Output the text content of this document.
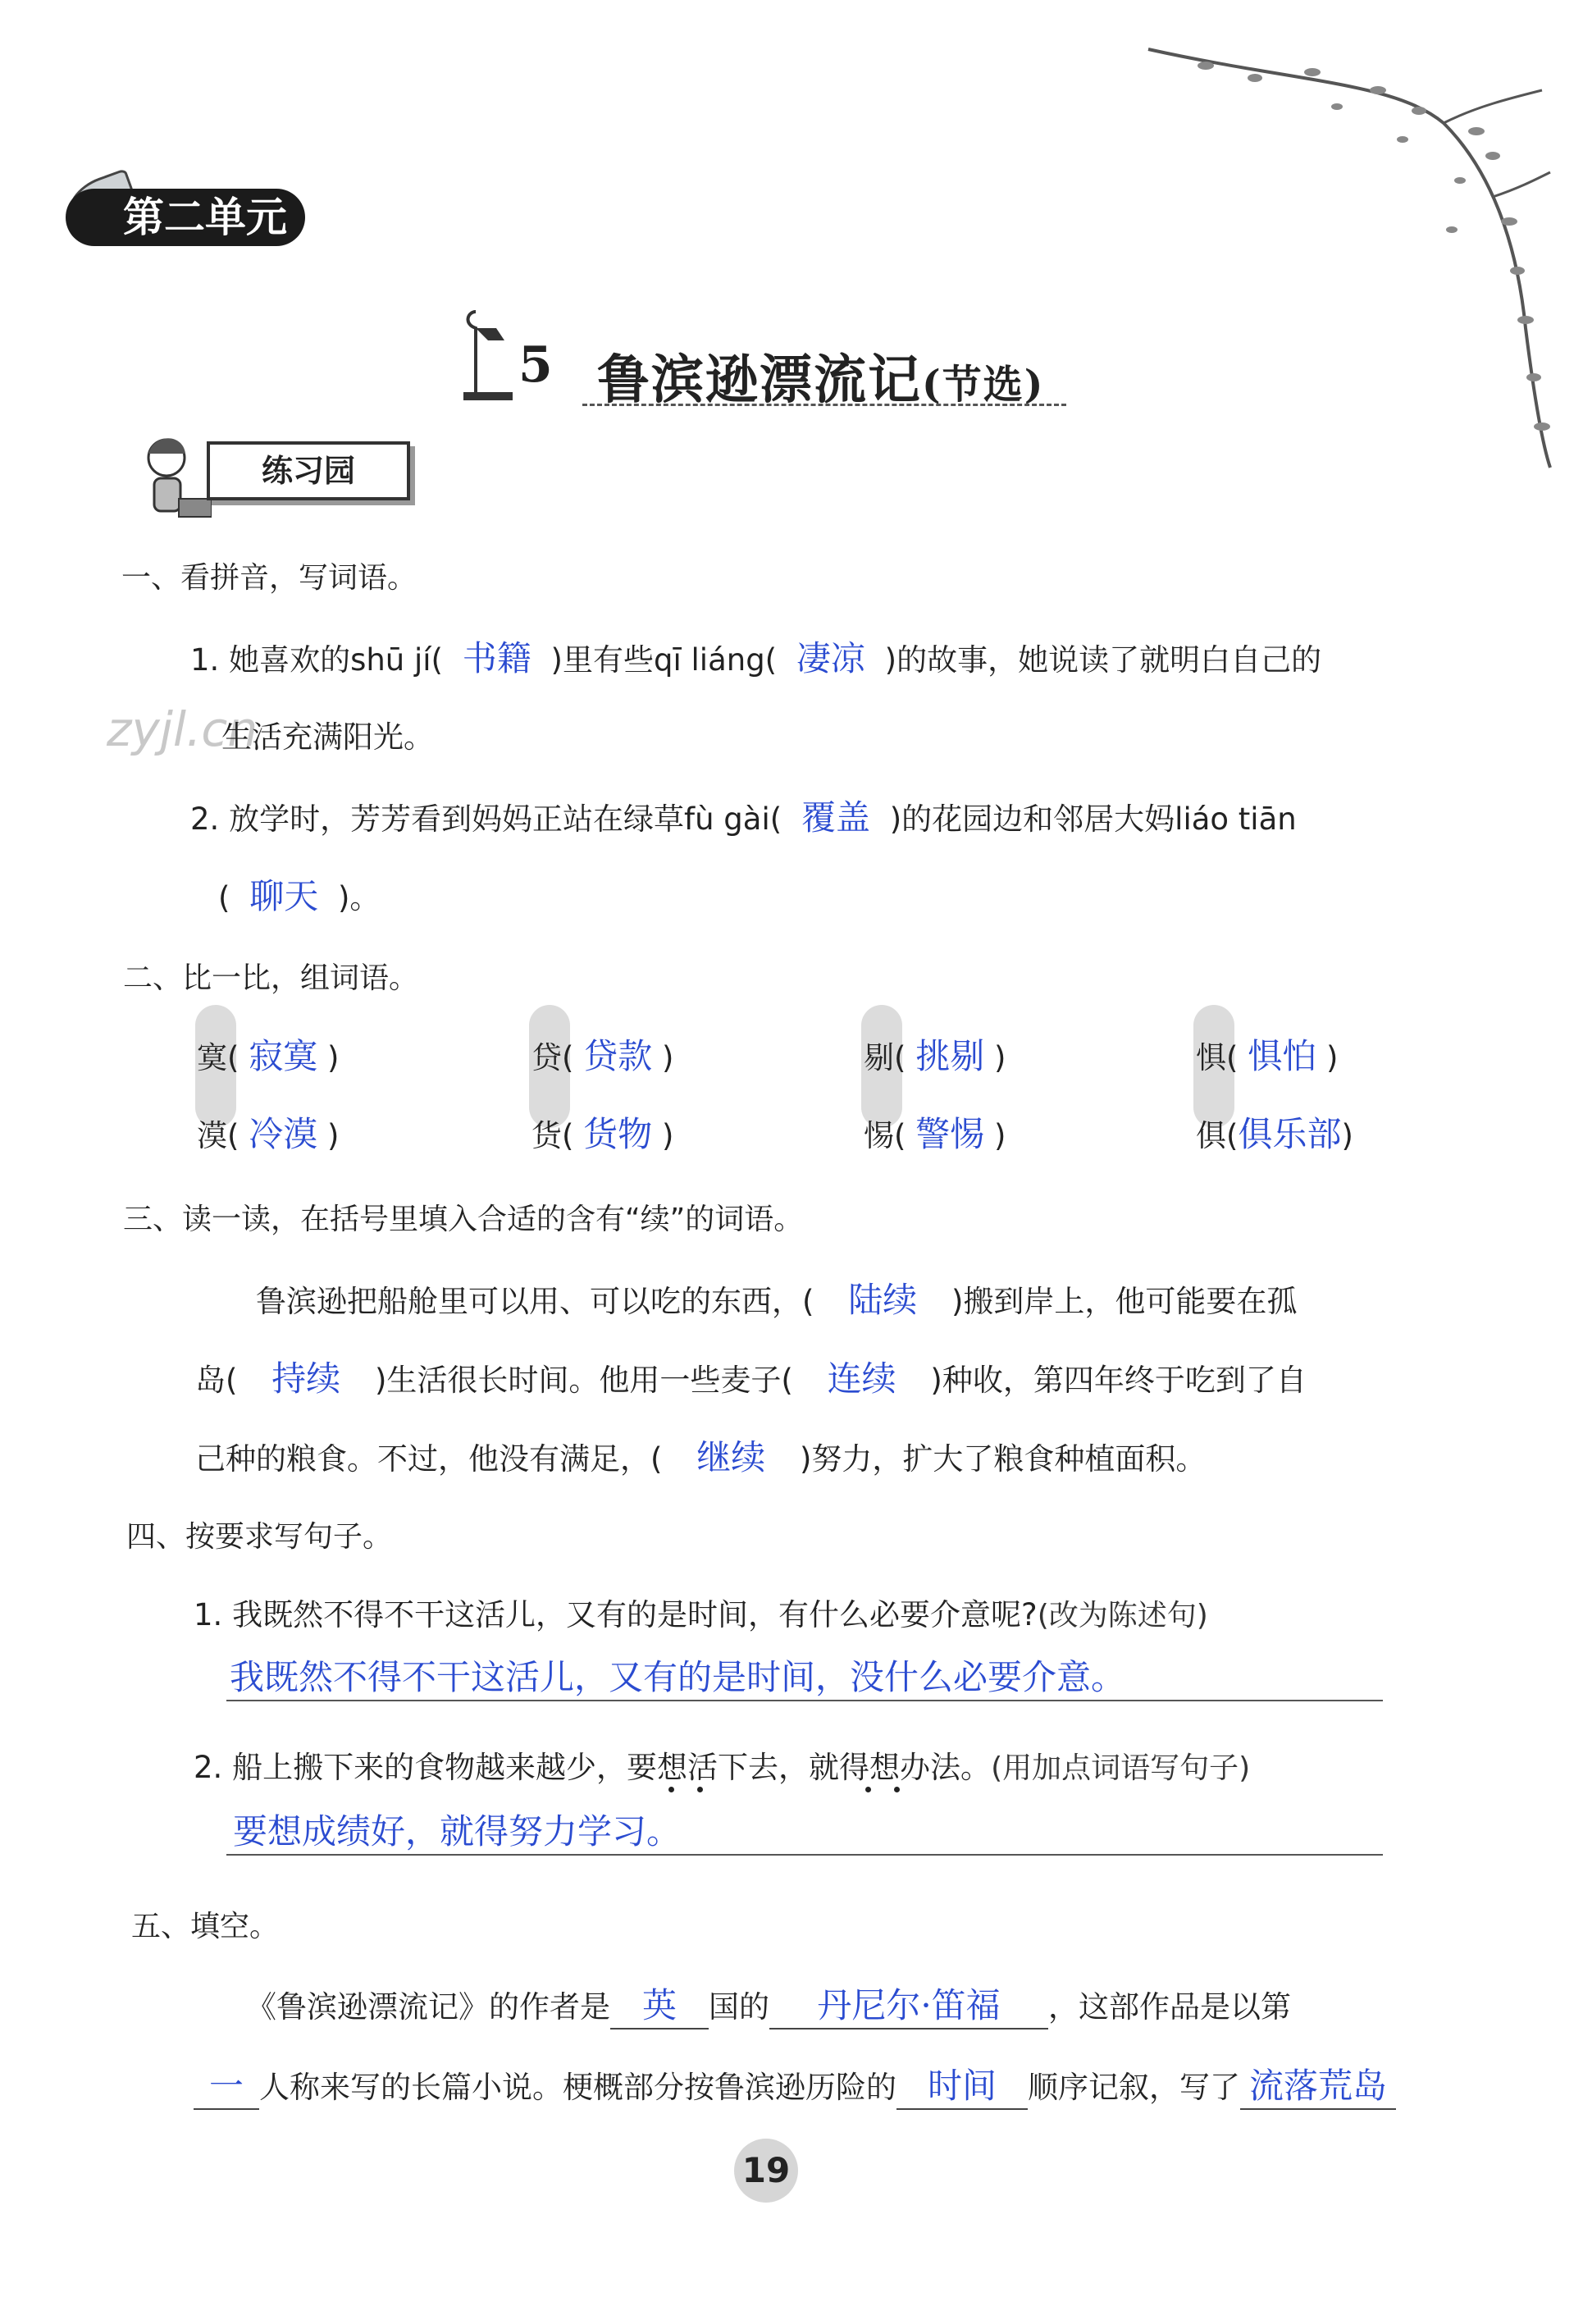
第二单元
5 鲁滨逊漂流记(节选)
练习园
一、看拼音，写词语。
1. 她喜欢的shū jí( 书籍 )里有些qī liáng( 凄凉 )的故事，她说读了就明白自己的
zyjl.cn
生活充满阳光。
2. 放学时，芳芳看到妈妈正站在绿草fù gài( 覆盖 )的花园边和邻居大妈liáo tiān
( 聊天 )。
二、比一比，组词语。
寞( 寂寞 )	贷( 贷款 )	剔( 挑剔 )	惧( 惧怕 )
漠( 冷漠 )	货( 货物 )	惕( 警惕 )	俱(俱乐部)
三、读一读，在括号里填入合适的含有“续”的词语。
鲁滨逊把船舱里可以用、可以吃的东西，( 陆续 )搬到岸上，他可能要在孤
岛( 持续 )生活很长时间。他用一些麦子( 连续 )种收，第四年终于吃到了自
己种的粮食。不过，他没有满足，( 继续 )努力，扩大了粮食种植面积。
四、按要求写句子。
1. 我既然不得不干这活儿，又有的是时间，有什么必要介意呢?(改为陈述句)
我既然不得不干这活儿，又有的是时间，没什么必要介意。
2. 船上搬下来的食物越来越少，要想活下去，就得想办法。(用加点词语写句子)
要想成绩好，就得努力学习。
五、填空。
《鲁滨逊漂流记》的作者是 英 国的 丹尼尔·笛福 ，这部作品是以第
一 人称来写的长篇小说。梗概部分按鲁滨逊历险的 时间 顺序记叙，写了 流落荒岛
19
